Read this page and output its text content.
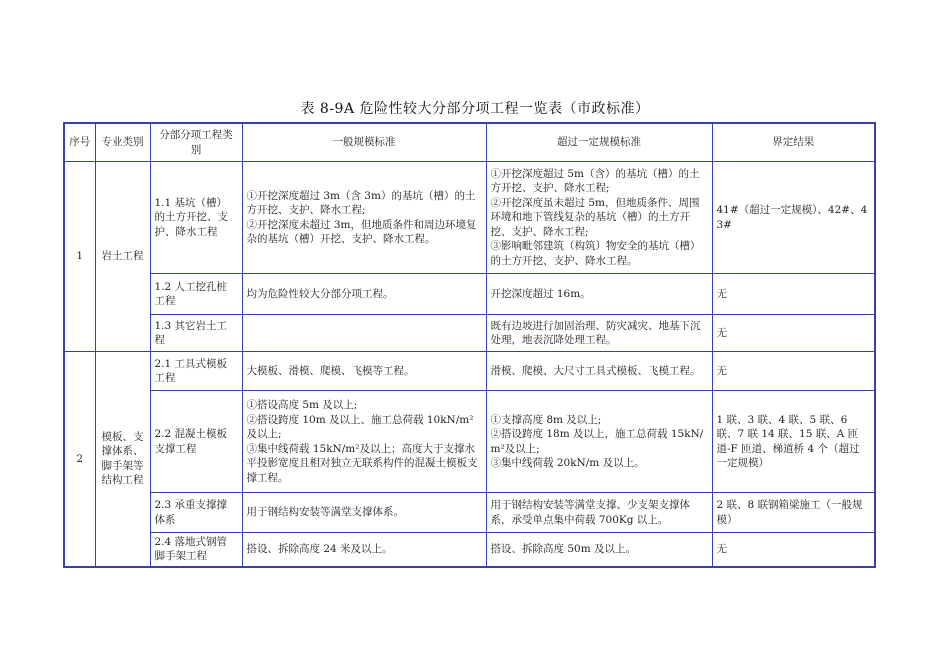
表 8-9A 危险性较大分部分项工程一览表（市政标准）
序号	专业类别	分部分项工程类别	一般规模标准	超过一定规模标准	界定结果
1	岩土工程	1.1 基坑（槽）的土方开挖、支护、降水工程	①开挖深度超过 3m（含 3m）的基坑（槽）的土方开挖、支护、降水工程;
②开挖深度未超过 3m，但地质条件和周边环境复杂的基坑（槽）开挖、支护、降水工程。	①开挖深度超过 5m（含）的基坑（槽）的土方开挖、支护、降水工程;
②开挖深度虽未超过 5m，但地质条件、周围环境和地下管线复杂的基坑（槽）的土方开挖、支护、降水工程;
③影响毗邻建筑（构筑）物安全的基坑（槽）的土方开挖、支护、降水工程。	41#（超过一定规模）、42#、43#
		1.2 人工挖孔桩工程	均为危险性较大分部分项工程。	开挖深度超过 16m。	无
		1.3 其它岩土工程		既有边坡进行加固治理、防灾减灾、地基下沉处理，地表沉降处理工程。	无
2	模板、支撑体系、脚手架等结构工程	2.1 工具式模板工程	大模板、滑模、爬模、飞模等工程。	滑模、爬模、大尺寸工具式模板、飞模工程。	无
		2.2 混凝土模板支撑工程	①搭设高度 5m 及以上;
②搭设跨度 10m 及以上、施工总荷载 10kN/m²及以上;
③集中线荷载 15kN/m²及以上；高度大于支撑水平投影宽度且相对独立无联系构件的混凝土模板支撑工程。	①支撑高度 8m 及以上;
②搭设跨度 18m 及以上，施工总荷载 15kN/m²及以上;
③集中线荷载 20kN/m 及以上。	1 联、3 联、4 联、5 联、6 联、7 联 14 联、15 联、A 匝道-F 匝道、梯道桥 4 个（超过一定规模）
		2.3 承重支撑撑体系	用于钢结构安装等满堂支撑体系。	用于钢结构安装等满堂支撑、少支架支撑体系，承受单点集中荷载 700Kg 以上。	2 联、8 联钢箱梁施工（一般规模）
		2.4 落地式钢管脚手架工程	搭设、拆除高度 24 米及以上。	搭设、拆除高度 50m 及以上。	无
